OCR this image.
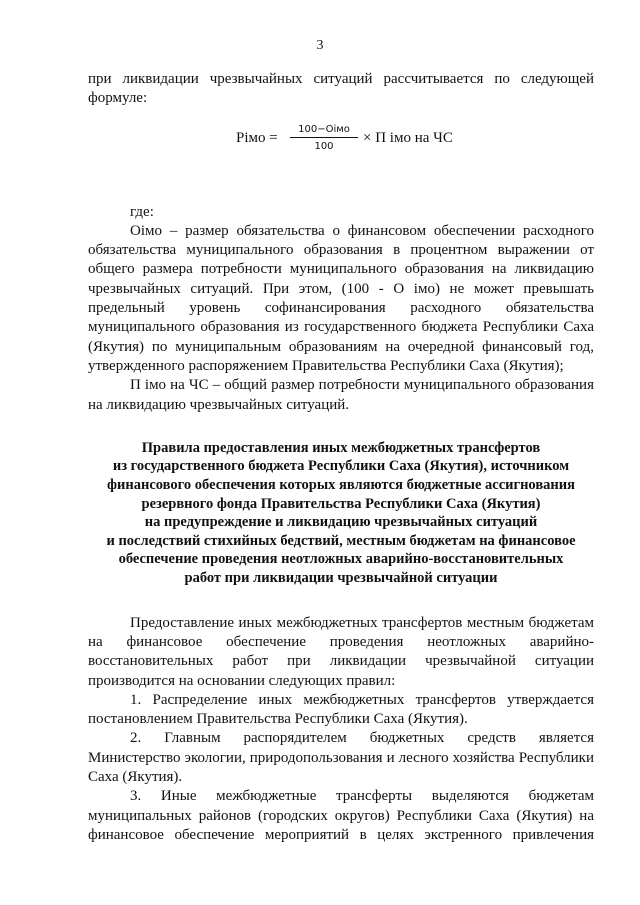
3

при ликвидации чрезвычайных ситуаций рассчитывается по следующей формуле:

Pімо =
100−Oімо
100
× П імо на ЧС

где:

Оімо – размер обязательства о финансовом обеспечении расходного обязательства муниципального образования в процентном выражении от общего размера потребности муниципального образования на ликвидацию чрезвычайных ситуаций. При этом, (100 - О імо) не может превышать предельный уровень софинансирования расходного обязательства муниципального образования из государственного бюджета Республики Саха (Якутия) по муниципальным образованиям на очередной финансовый год, утвержденного распоряжением Правительства Республики Саха (Якутия);

П імо на ЧС – общий размер потребности муниципального образования на ликвидацию чрезвычайных ситуаций.

Правила предоставления иных межбюджетных трансфертов
из государственного бюджета Республики Саха (Якутия), источником
финансового обеспечения которых являются бюджетные ассигнования
резервного фонда Правительства Республики Саха (Якутия)
на предупреждение и ликвидацию чрезвычайных ситуаций
и последствий стихийных бедствий, местным бюджетам на финансовое
обеспечение проведения неотложных аварийно-восстановительных
работ при ликвидации чрезвычайной ситуации

Предоставление иных межбюджетных трансфертов местным бюджетам на финансовое обеспечение проведения неотложных аварийно-восстановительных работ при ликвидации чрезвычайной ситуации производится на основании следующих правил:

1. Распределение иных межбюджетных трансфертов утверждается постановлением Правительства Республики Саха (Якутия).

2. Главным распорядителем бюджетных средств является Министерство экологии, природопользования и лесного хозяйства Республики Саха (Якутия).

3. Иные межбюджетные трансферты выделяются бюджетам муниципальных районов (городских округов) Республики Саха (Якутия) на финансовое обеспечение мероприятий в целях экстренного привлечения
